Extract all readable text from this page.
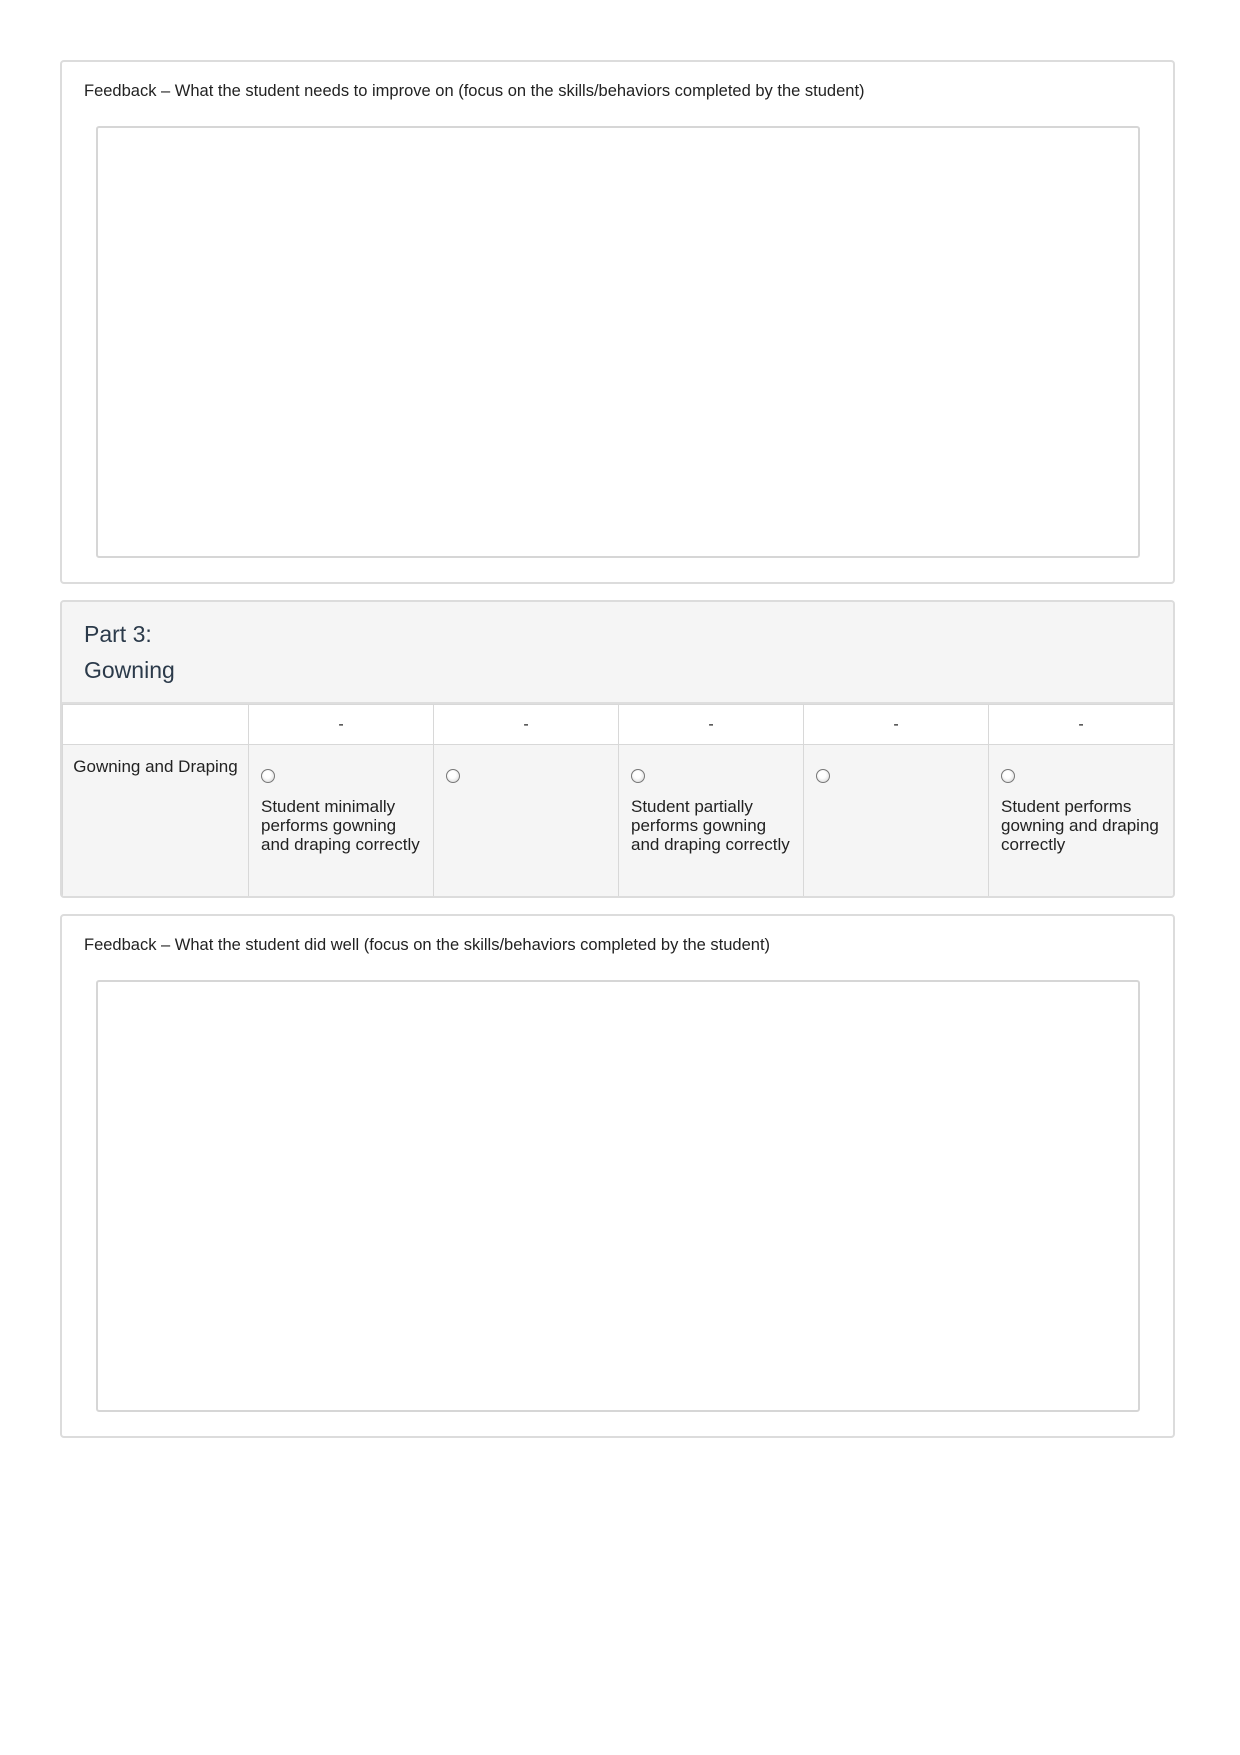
Feedback – What the student needs to improve on (focus on the skills/behaviors completed by the student)
Part 3:
Gowning
	-	-	-	-	-
Gowning and Draping	Student minimally performs gowning and draping correctly		Student partially performs gowning and draping correctly		Student performs gowning and draping correctly
Feedback – What the student did well (focus on the skills/behaviors completed by the student)
